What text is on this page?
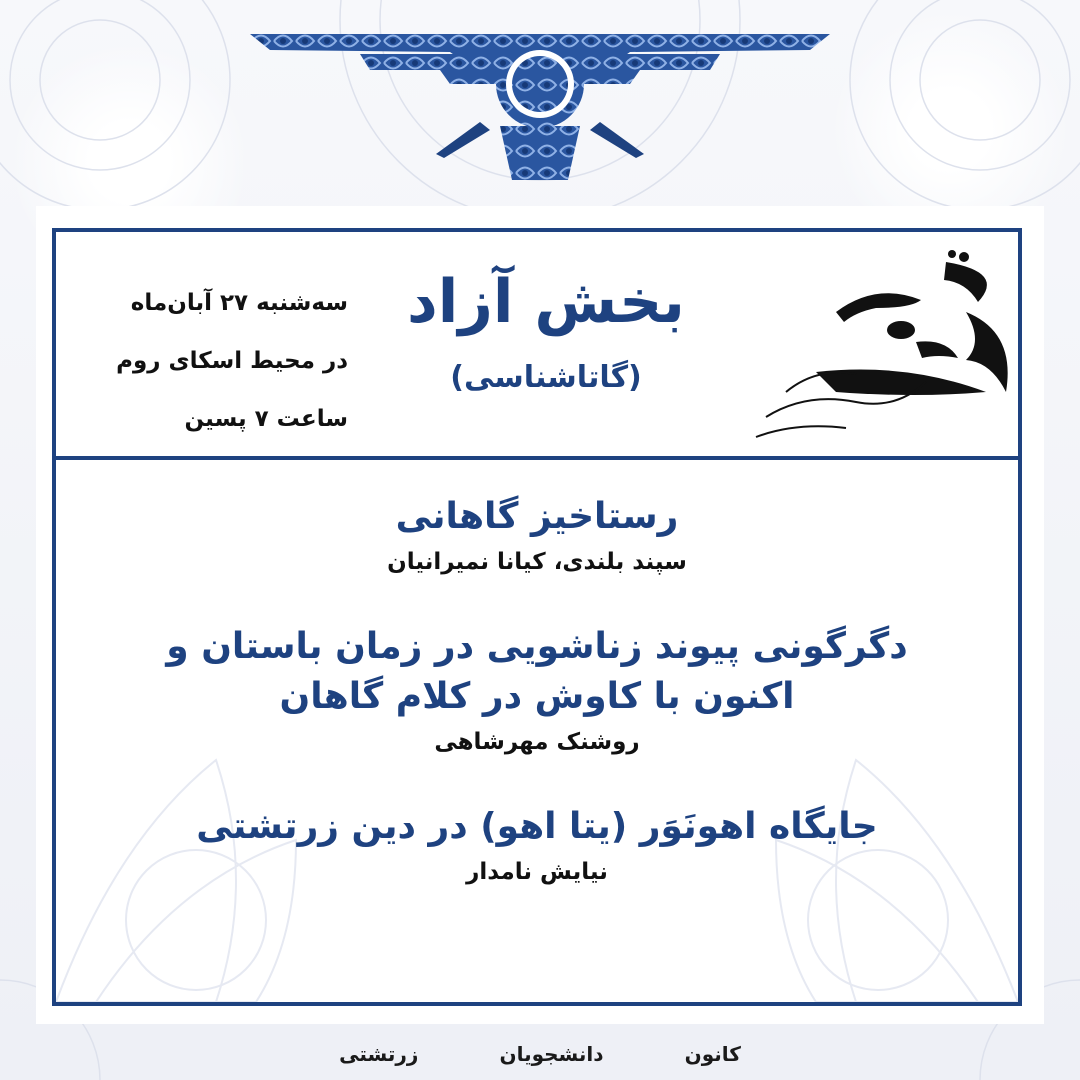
سه‌شنبه ۲۷ آبان‌ماه
در محیط اسکای روم
ساعت ۷ پسین
بخش آزاد
(گاتاشناسی)
رستاخیز گاهانی
سپند بلندی، کیانا نمیرانیان
دگرگونی پیوند زناشویی در زمان باستان و اکنون با کاوش در کلام گاهان
روشنک مهرشاهی
جایگاه اهونَوَر (یتا اهو) در دین زرتشتی
نیایش نامدار
کانون دانشجویان زرتشتی
